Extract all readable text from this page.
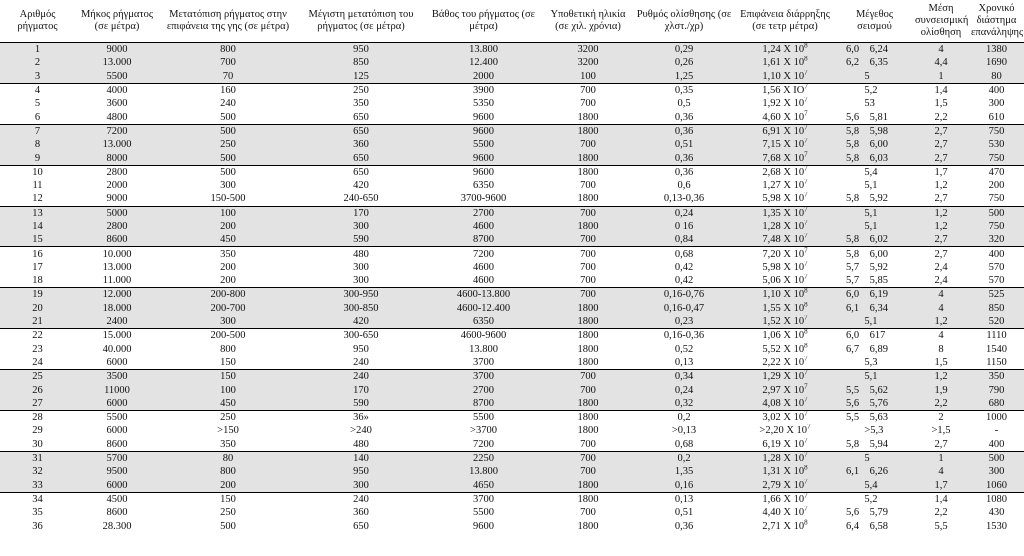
Αριθμός ρήγματος	Μήκος ρήγματος (σε μέτρα)	Μετατόπιση ρήγματος στην επιφάνεια της γης (σε μέτρα)	Μέγιστη μετατόπιση του ρήγματος (σε μέτρα)	Βάθος του ρήγματος (σε μέτρα)	Υποθετική ηλικία (σε χιλ. χρόνια)	Ρυθμός ολίσθησης (σε χλστ./χρ)	Επιφάνεια διάρρηξης (σε τετρ μέτρα)	Μέγεθος σεισμού	Μέση συνσεισμική ολίσθηση	Χρονικό διάστημα επανάληψης
1	9000	800	950	13.800	3200	0,29	1,24 X $10^8$	6,0    6,24	4	1380
2	13.000	700	850	12.400	3200	0,26	1,61 X $10^8$	6,2    6,35	4,4	1690
3	5500	70	125	2000	100	1,25	1,10 X $10^7$	5	1	80
4	4000	160	250	3900	700	0,35	1,56 X $IO^7$	5,2	1,4	400
5	3600	240	350	5350	700	0,5	1,92 X $10^7$	53	1,5	300
6	4800	500	650	9600	1800	0,36	4,60 X $10^7$	5,6    5,81	2,2	610
7	7200	500	650	9600	1800	0,36	6,91 X $10^7$	5,8    5,98	2,7	750
8	13.000	250	360	5500	700	0,51	7,15 X $10^7$	5,8    6,00	2,7	530
9	8000	500	650	9600	1800	0,36	7,68 X $10^7$	5,8    6,03	2,7	750
10	2800	500	650	9600	1800	0,36	2,68 X $10^7$	5,4	1,7	470
11	2000	300	420	6350	700	0,6	1,27 X $10^7$	5,1	1,2	200
12	9000	150-500	240-650	3700-9600	1800	0,13-0,36	5,98 X $10^7$	5,8    5,92	2,7	750
13	5000	100	170	2700	700	0,24	1,35 X $10^7$	5,1	1,2	500
14	2800	200	300	4600	1800	0 16	1,28 X $10^7$	5,1	1,2	750
15	8600	450	590	8700	700	0,84	7,48 X $10^7$	5,8    6,02	2,7	320
16	10.000	350	480	7200	700	0,68	7,20 X $10^7$	5,8    6,00	2,7	400
17	13.000	200	300	4600	700	0,42	5,98 X $10^7$	5,7    5,92	2,4	570
18	11.000	200	300	4600	700	0,42	5,06 X $10^7$	5,7    5,85	2,4	570
19	12.000	200-800	300-950	4600-13.800	700	0,16-0,76	1,10 X $10^8$	6,0    6,19	4	525
20	18.000	200-700	300-850	4600-12.400	1800	0,16-0,47	1,55 X $10^8$	6,1    6,34	4	850
21	2400	300	420	6350	1800	0,23	1,52 X $10^7$	5,1	1,2	520
22	15.000	200-500	300-650	4600-9600	1800	0,16-0,36	1,06 X $10^8$	6,0    617	4	1110
23	40.000	800	950	13.800	1800	0,52	5,52 X $10^8$	6,7    6,89	8	1540
24	6000	150	240	3700	1800	0,13	2,22 X $10^7$	5,3	1,5	1150
25	3500	150	240	3700	700	0,34	1,29 X $10^7$	5,1	1,2	350
26	11000	100	170	2700	700	0,24	2,97 X $10^7$	5,5    5,62	1,9	790
27	6000	450	590	8700	1800	0,32	4,08 X $10^7$	5,6    5,76	2,2	680
28	5500	250	36»	5500	1800	0,2	3,02 X $10^7$	5,5    5,63	2	1000
29	6000	>150	>240	>3700	1800	>0,13	>2,20 X $10^7$	>5,3	>1,5	-
30	8600	350	480	7200	700	0,68	6,19 X $10^7$	5,8    5,94	2,7	400
31	5700	80	140	2250	700	0,2	1,28 X $10^7$	5	1	500
32	9500	800	950	13.800	700	1,35	1,31 X $10^8$	6,1    6,26	4	300
33	6000	200	300	4650	1800	0,16	2,79 X $10^7$	5,4	1,7	1060
34	4500	150	240	3700	1800	0,13	1,66 X $10^7$	5,2	1,4	1080
35	8600	250	360	5500	700	0,51	4,40 X $10^7$	5,6    5,79	2,2	430
36	28.300	500	650	9600	1800	0,36	2,71 X $10^8$	6,4    6,58	5,5	1530
